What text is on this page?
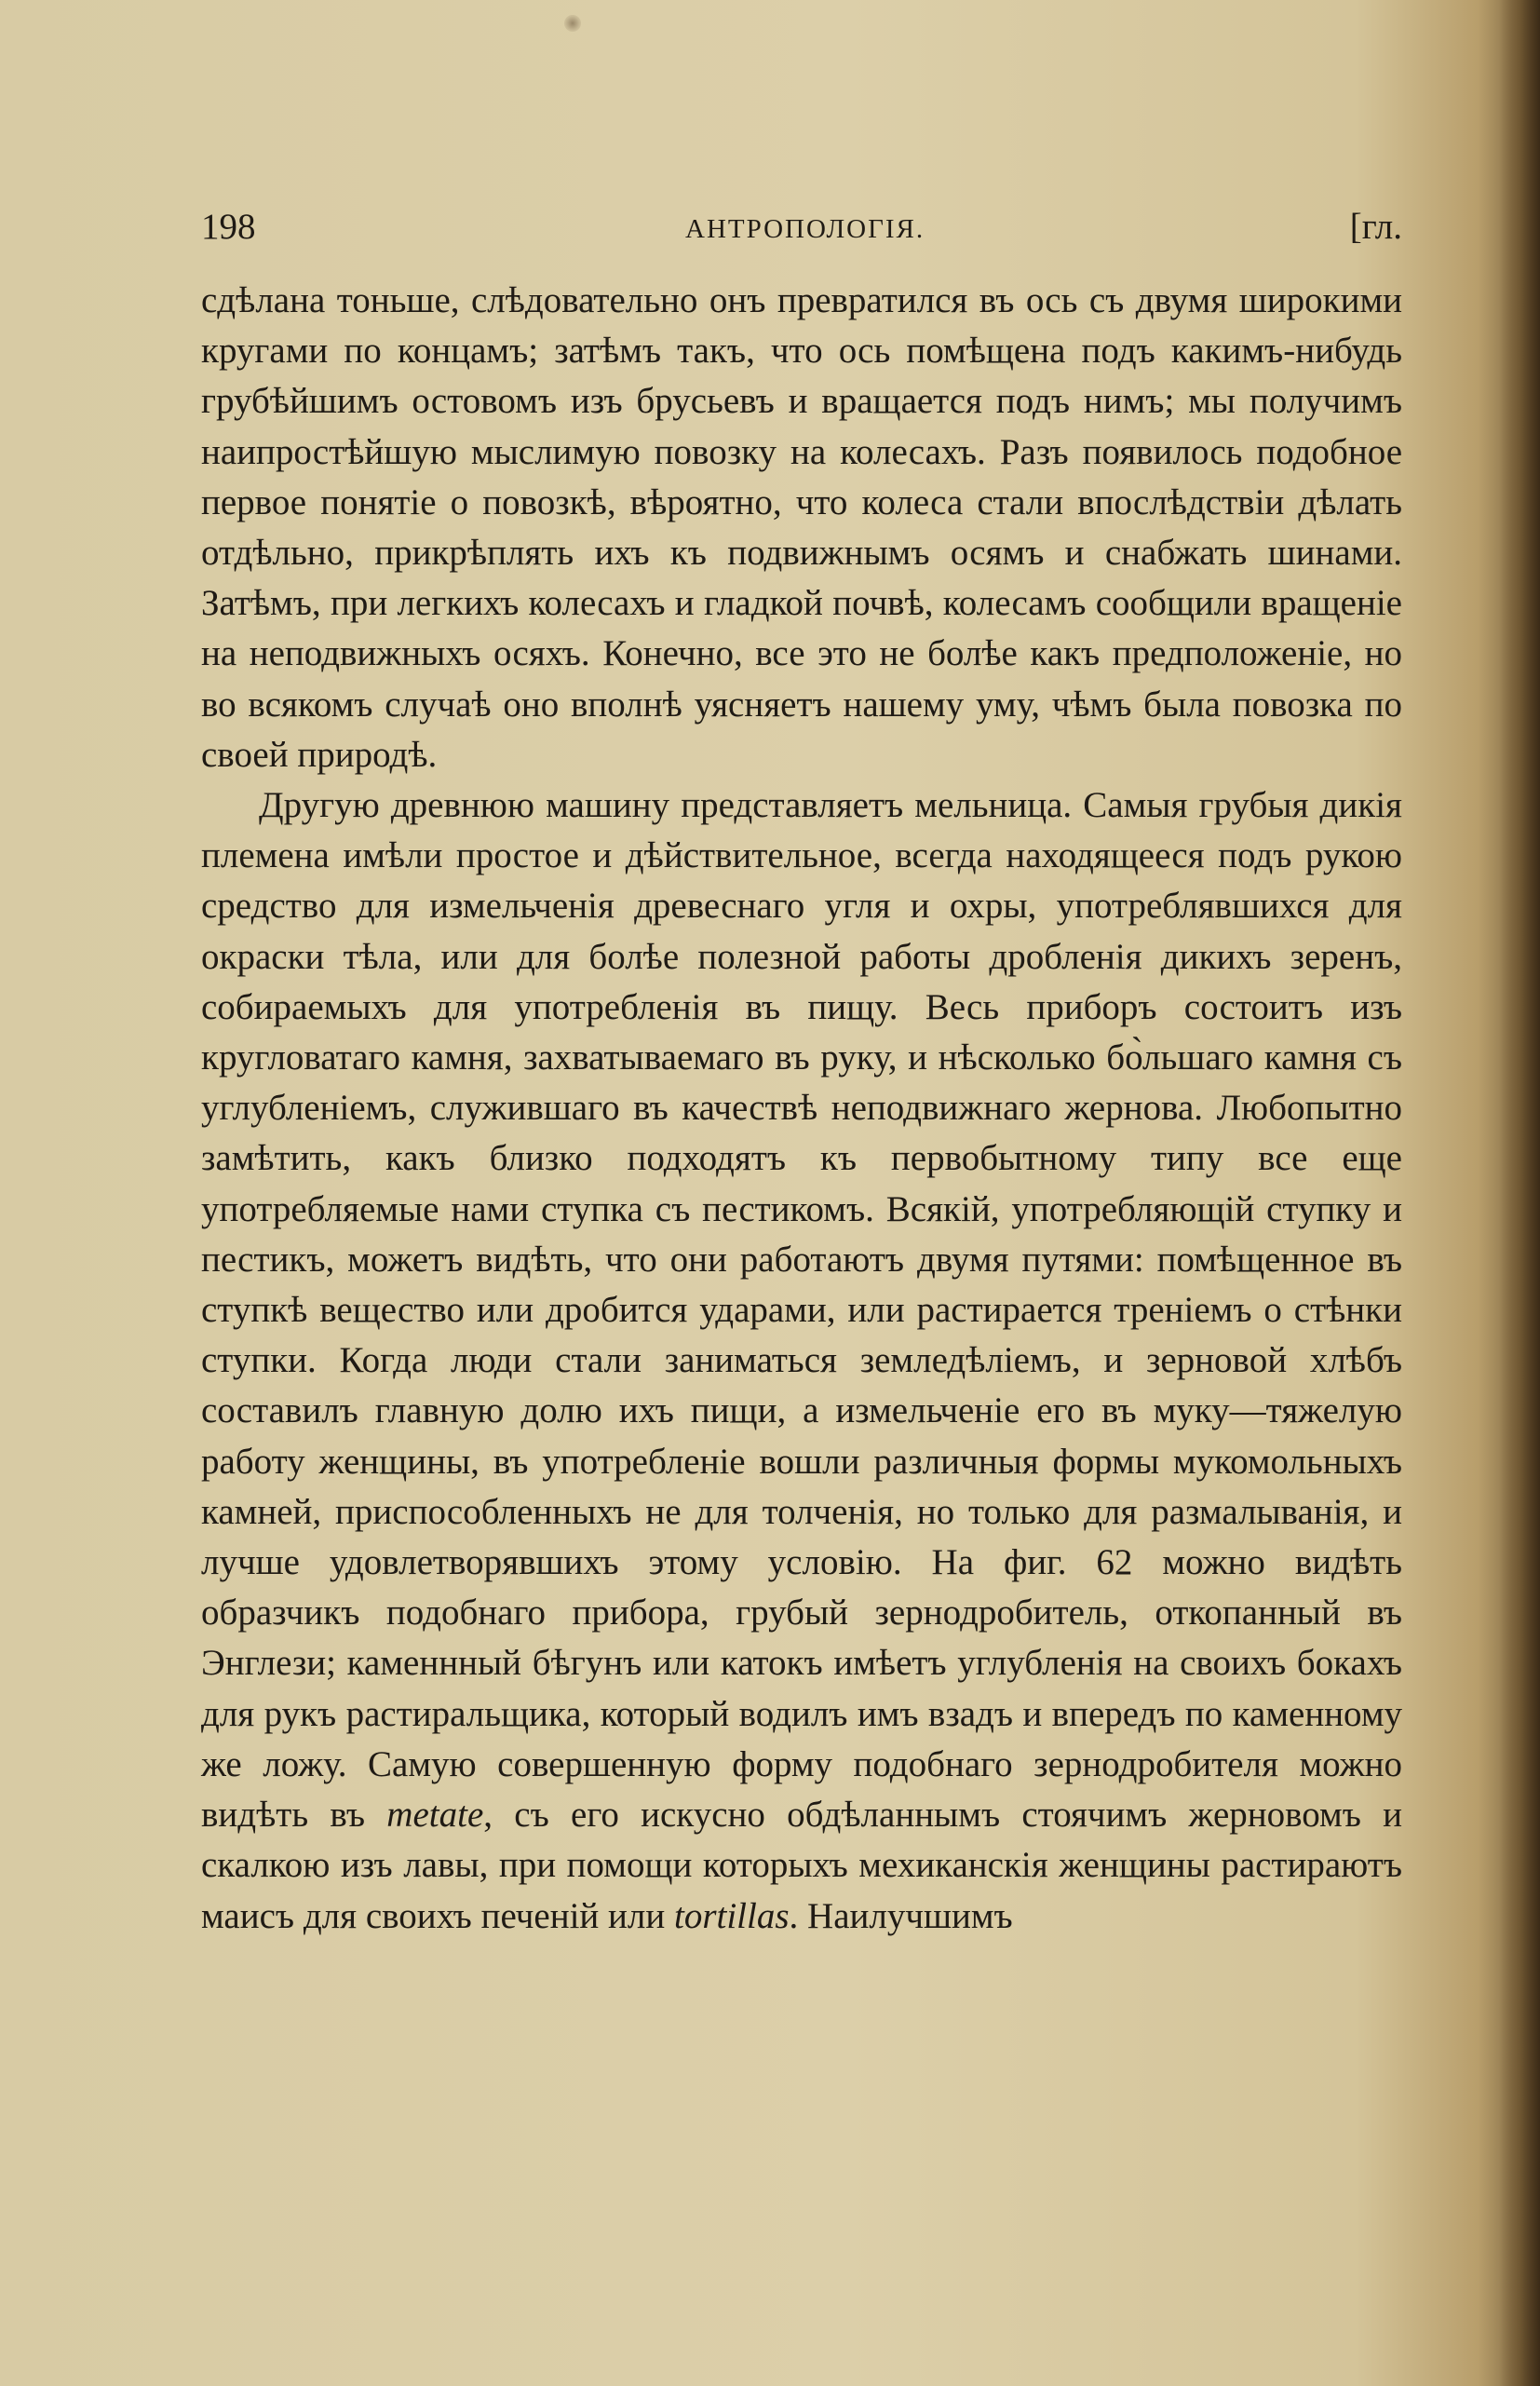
198	АНТРОПОЛОГІЯ.	[гл.

сдѣлана тоньше, слѣдовательно онъ превратился въ ось съ двумя широкими кругами по концамъ; затѣмъ такъ, что ось помѣщена подъ какимъ-нибудь грубѣйшимъ остовомъ изъ брусьевъ и вращается подъ нимъ; мы получимъ наипростѣйшую мыслимую повозку на колесахъ. Разъ появилось подобное первое понятіе о повозкѣ, вѣроятно, что колеса стали впослѣдствіи дѣлать отдѣльно, прикрѣплять ихъ къ подвижнымъ осямъ и снабжать шинами. Затѣмъ, при легкихъ колесахъ и гладкой почвѣ, колесамъ сообщили вращеніе на неподвижныхъ осяхъ. Конечно, все это не болѣе какъ предположеніе, но во всякомъ случаѣ оно вполнѣ уясняетъ нашему уму, чѣмъ была повозка по своей природѣ.

Другую древнюю машину представляетъ мельница. Самыя грубыя дикія племена имѣли простое и дѣйствительное, всегда находящееся подъ рукою средство для измельченія древеснаго угля и охры, употреблявшихся для окраски тѣла, или для болѣе полезной работы дробленія дикихъ зеренъ, собираемыхъ для употребленія въ пищу. Весь приборъ состоитъ изъ кругловатаго камня, захватываемаго въ руку, и нѣсколько бо̀льшаго камня съ углубленіемъ, служившаго въ качествѣ неподвижнаго жернова. Любопытно замѣтить, какъ близко подходятъ къ первобытному типу все еще употребляемые нами ступка съ пестикомъ. Всякій, употребляющій ступку и пестикъ, можетъ видѣть, что они работаютъ двумя путями: помѣщенное въ ступкѣ вещество или дробится ударами, или растирается треніемъ о стѣнки ступки. Когда люди стали заниматься земледѣліемъ, и зерновой хлѣбъ составилъ главную долю ихъ пищи, а измельченіе его въ муку—тяжелую работу женщины, въ употребленіе вошли различныя формы мукомольныхъ камней, приспособленныхъ не для толченія, но только для размалыванія, и лучше удовлетворявшихъ этому условію. На фиг. 62 можно видѣть образчикъ подобнаго прибора, грубый зернодробитель, откопанный въ Энглези; каменнный бѣгунъ или катокъ имѣетъ углубленія на своихъ бокахъ для рукъ растиральщика, который водилъ имъ взадъ и впередъ по каменному же ложу. Самую совершенную форму подобнаго зернодробителя можно видѣть въ metate, съ его искусно обдѣланнымъ стоячимъ жерновомъ и скалкою изъ лавы, при помощи которыхъ мехиканскія женщины растираютъ маисъ для своихъ печеній или tortillas. Наилучшимъ
